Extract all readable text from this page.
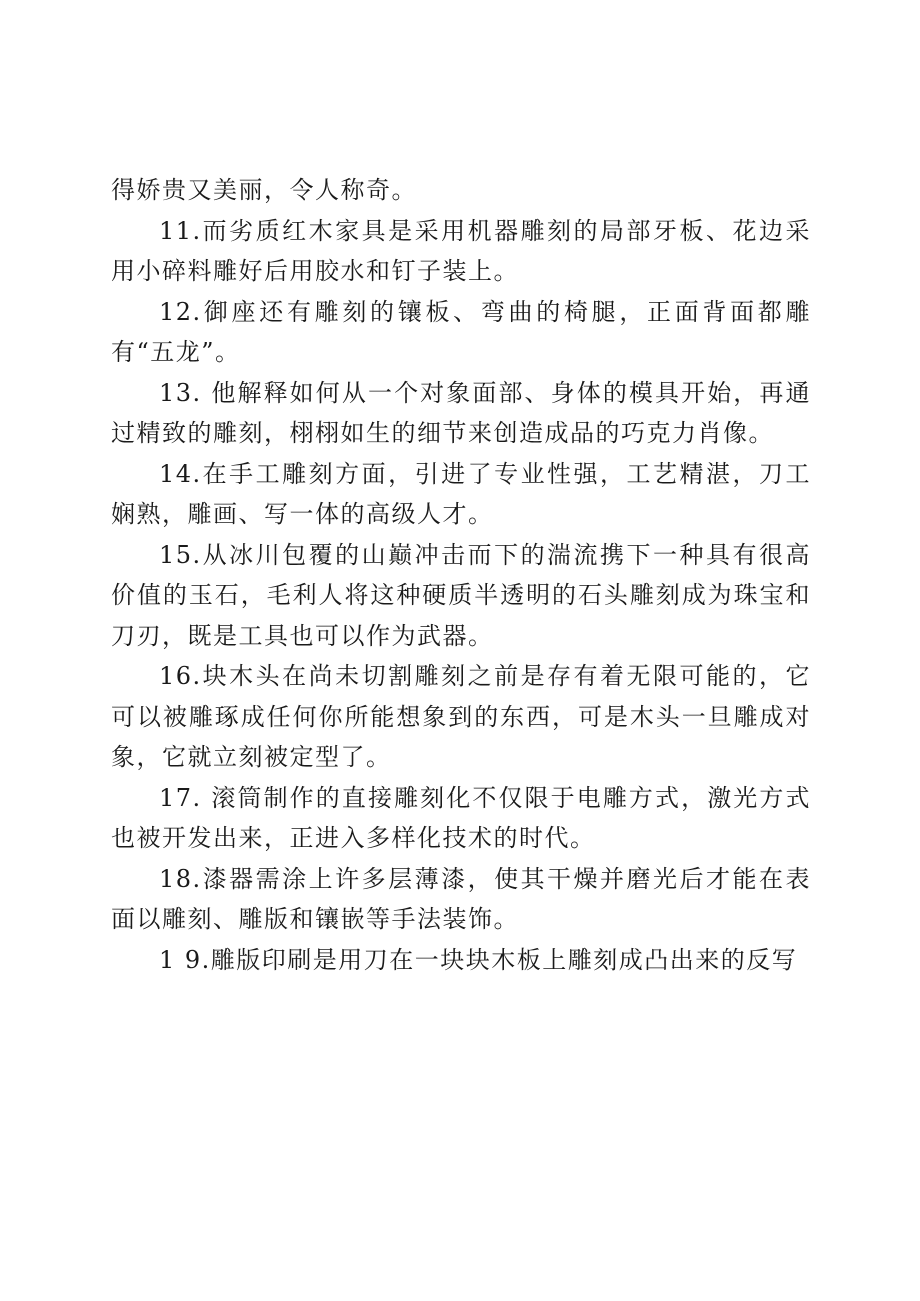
得娇贵又美丽，令人称奇。

11.而劣质红木家具是采用机器雕刻的局部牙板、花边采用小碎料雕好后用胶水和钉子装上。

12.御座还有雕刻的镶板、弯曲的椅腿，正面背面都雕有“五龙”。

13. 他解释如何从一个对象面部、身体的模具开始，再通过精致的雕刻，栩栩如生的细节来创造成品的巧克力肖像。

14.在手工雕刻方面，引进了专业性强，工艺精湛，刀工娴熟，雕画、写一体的高级人才。

15.从冰川包覆的山巅冲击而下的湍流携下一种具有很高价值的玉石，毛利人将这种硬质半透明的石头雕刻成为珠宝和刀刃，既是工具也可以作为武器。

16.块木头在尚未切割雕刻之前是存有着无限可能的，它可以被雕琢成任何你所能想象到的东西，可是木头一旦雕成对象，它就立刻被定型了。

17. 滚筒制作的直接雕刻化不仅限于电雕方式，激光方式也被开发出来，正进入多样化技术的时代。

18.漆器需涂上许多层薄漆，使其干燥并磨光后才能在表面以雕刻、雕版和镶嵌等手法装饰。

1 9.雕版印刷是用刀在一块块木板上雕刻成凸出来的反写
